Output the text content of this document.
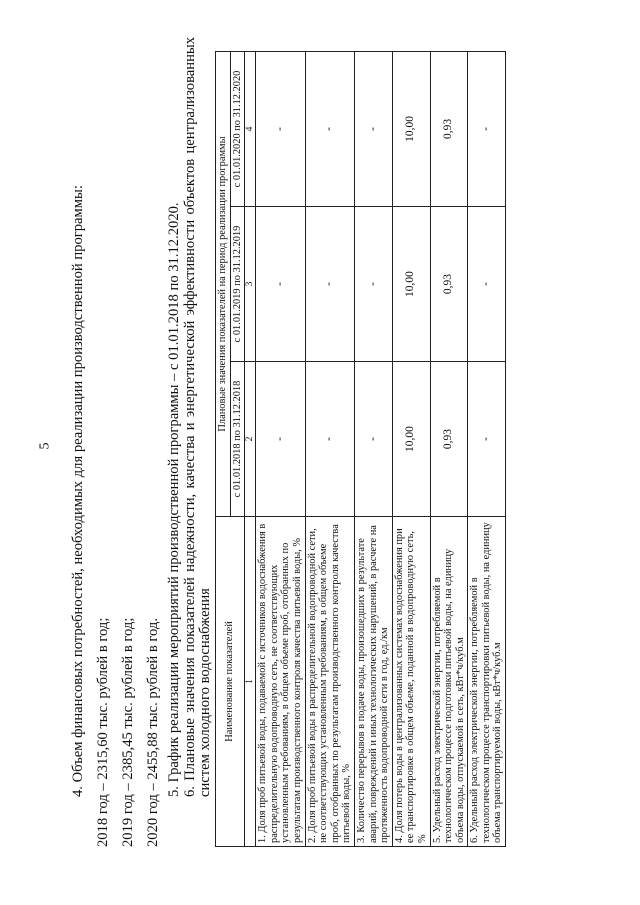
5 4. Объем финансовых потребностей, необходимых для реализации производственной программы: 2018 год – 2315,60 тыс. рублей в год; 2019 год – 2385,45 тыс. рублей в год; 2020 год – 2455,88 тыс. рублей в год. 5. График реализации мероприятий производственной программы – с 01.01.2018 по 31.12.2020. 6. Плановые значения показателей надежности, качества и энергетической эффективности объектов централизованных систем холодного водоснабжения Наименование показателей	Плановые значения показателей на период реализации программы		
	с 01.01.2018 по 31.12.2018	с 01.01.2019 по 31.12.2019	с 01.01.2020 по 31.12.2020
1	2	3	4
1. Доля проб питьевой воды, подаваемой с источников водоснабжения в распределительную водопроводную сеть, не соответствующих установленным требованиям, в общем объеме проб, отобранных по результатам производственного контроля качества питьевой воды, %	-	-	-
2. Доля проб питьевой воды в распределительной водопроводной сети, не соответствующих установленным требованиям, в общем объеме проб, отобранных по результатам производственного контроля качества питьевой воды, %	-	-	-
3. Количество перерывов в подаче воды, произошедших в результате аварий, повреждений и иных технологических нарушений, в расчете на протяженность водопроводной сети в год, ед./км	-	-	-
4. Доля потерь воды в централизованных системах водоснабжения при ее транспортировке в общем объеме, поданной в водопроводную сеть, %	10,00	10,00	10,00
5. Удельный расход электрической энергии, потребляемой в технологическом процессе подготовки питьевой воды, на единицу объема воды, отпускаемой в сеть, кВт*ч/куб.м	0,93	0,93	0,93
6. Удельный расход электрической энергии, потребляемой в технологическом процессе транспортировки питьевой воды, на единицу объема транспортируемой воды, кВт*ч/куб.м	-	-	-
